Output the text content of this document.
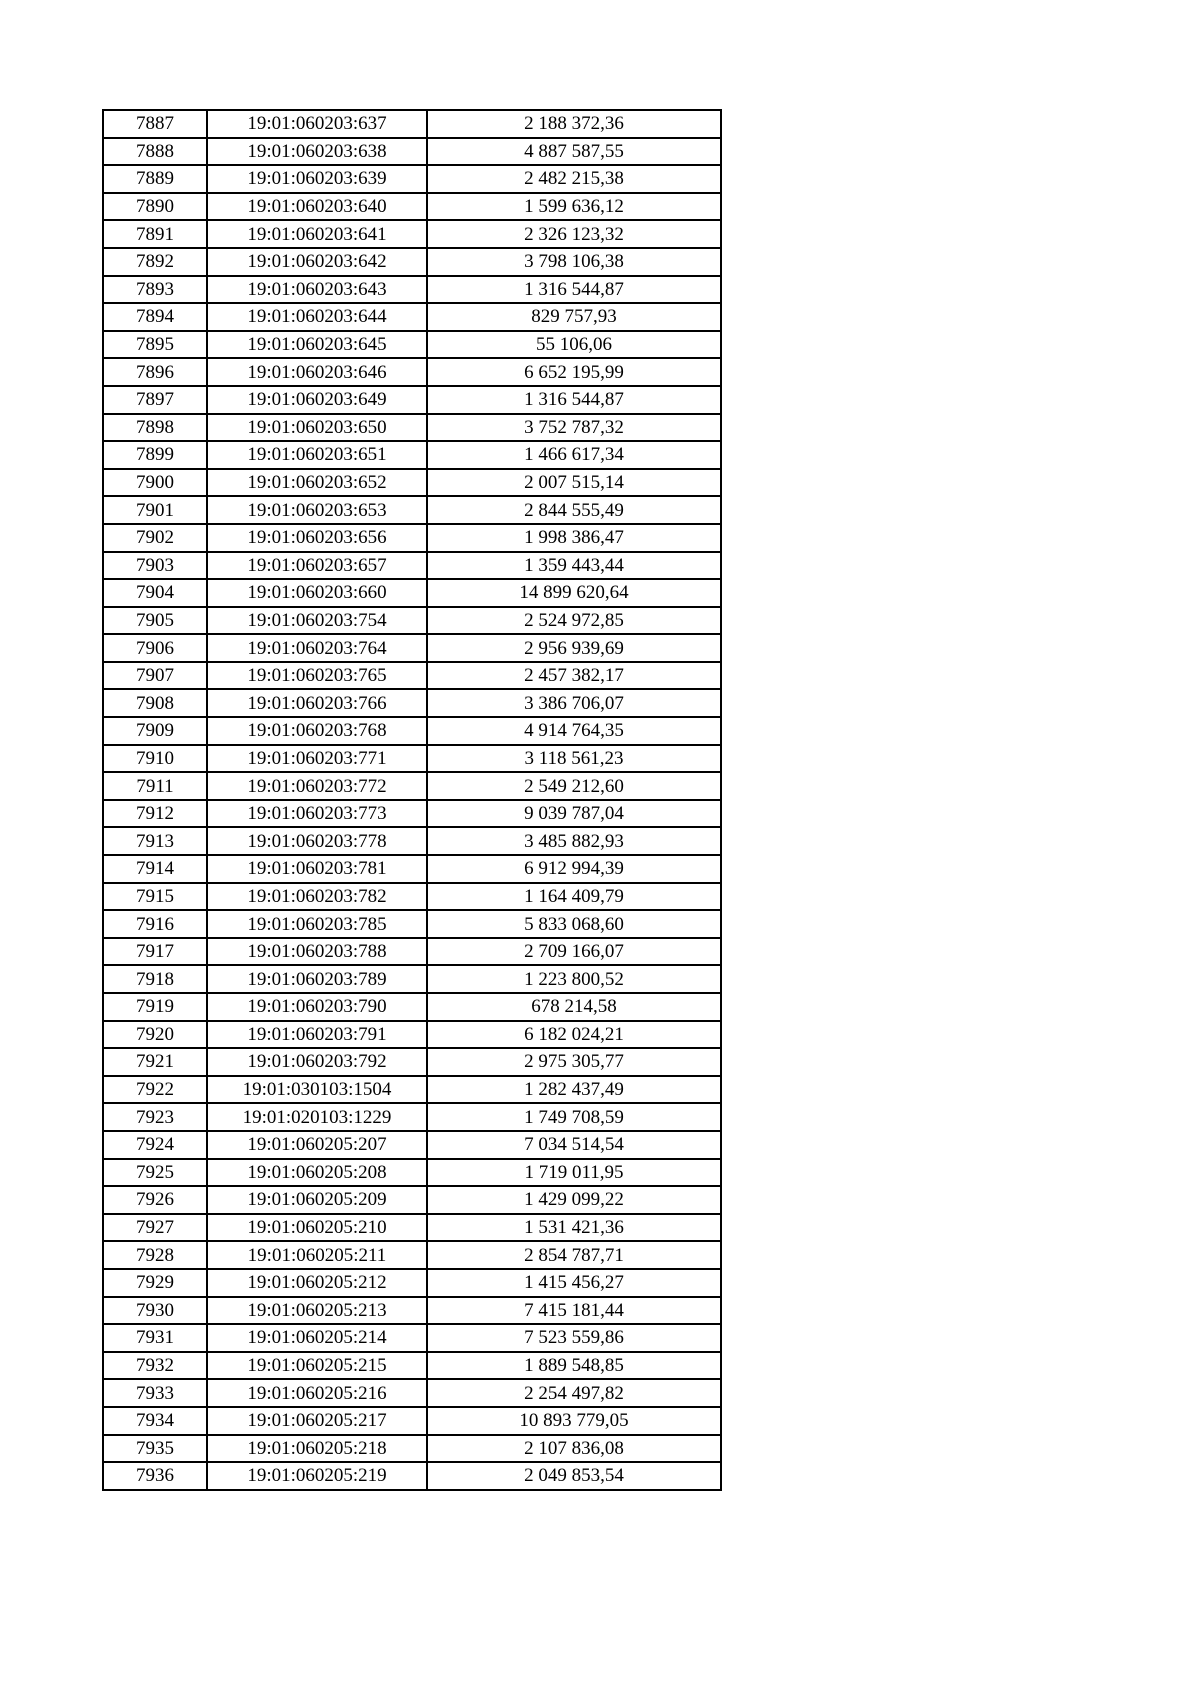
7887	19:01:060203:637	2 188 372,36
7888	19:01:060203:638	4 887 587,55
7889	19:01:060203:639	2 482 215,38
7890	19:01:060203:640	1 599 636,12
7891	19:01:060203:641	2 326 123,32
7892	19:01:060203:642	3 798 106,38
7893	19:01:060203:643	1 316 544,87
7894	19:01:060203:644	829 757,93
7895	19:01:060203:645	55 106,06
7896	19:01:060203:646	6 652 195,99
7897	19:01:060203:649	1 316 544,87
7898	19:01:060203:650	3 752 787,32
7899	19:01:060203:651	1 466 617,34
7900	19:01:060203:652	2 007 515,14
7901	19:01:060203:653	2 844 555,49
7902	19:01:060203:656	1 998 386,47
7903	19:01:060203:657	1 359 443,44
7904	19:01:060203:660	14 899 620,64
7905	19:01:060203:754	2 524 972,85
7906	19:01:060203:764	2 956 939,69
7907	19:01:060203:765	2 457 382,17
7908	19:01:060203:766	3 386 706,07
7909	19:01:060203:768	4 914 764,35
7910	19:01:060203:771	3 118 561,23
7911	19:01:060203:772	2 549 212,60
7912	19:01:060203:773	9 039 787,04
7913	19:01:060203:778	3 485 882,93
7914	19:01:060203:781	6 912 994,39
7915	19:01:060203:782	1 164 409,79
7916	19:01:060203:785	5 833 068,60
7917	19:01:060203:788	2 709 166,07
7918	19:01:060203:789	1 223 800,52
7919	19:01:060203:790	678 214,58
7920	19:01:060203:791	6 182 024,21
7921	19:01:060203:792	2 975 305,77
7922	19:01:030103:1504	1 282 437,49
7923	19:01:020103:1229	1 749 708,59
7924	19:01:060205:207	7 034 514,54
7925	19:01:060205:208	1 719 011,95
7926	19:01:060205:209	1 429 099,22
7927	19:01:060205:210	1 531 421,36
7928	19:01:060205:211	2 854 787,71
7929	19:01:060205:212	1 415 456,27
7930	19:01:060205:213	7 415 181,44
7931	19:01:060205:214	7 523 559,86
7932	19:01:060205:215	1 889 548,85
7933	19:01:060205:216	2 254 497,82
7934	19:01:060205:217	10 893 779,05
7935	19:01:060205:218	2 107 836,08
7936	19:01:060205:219	2 049 853,54
